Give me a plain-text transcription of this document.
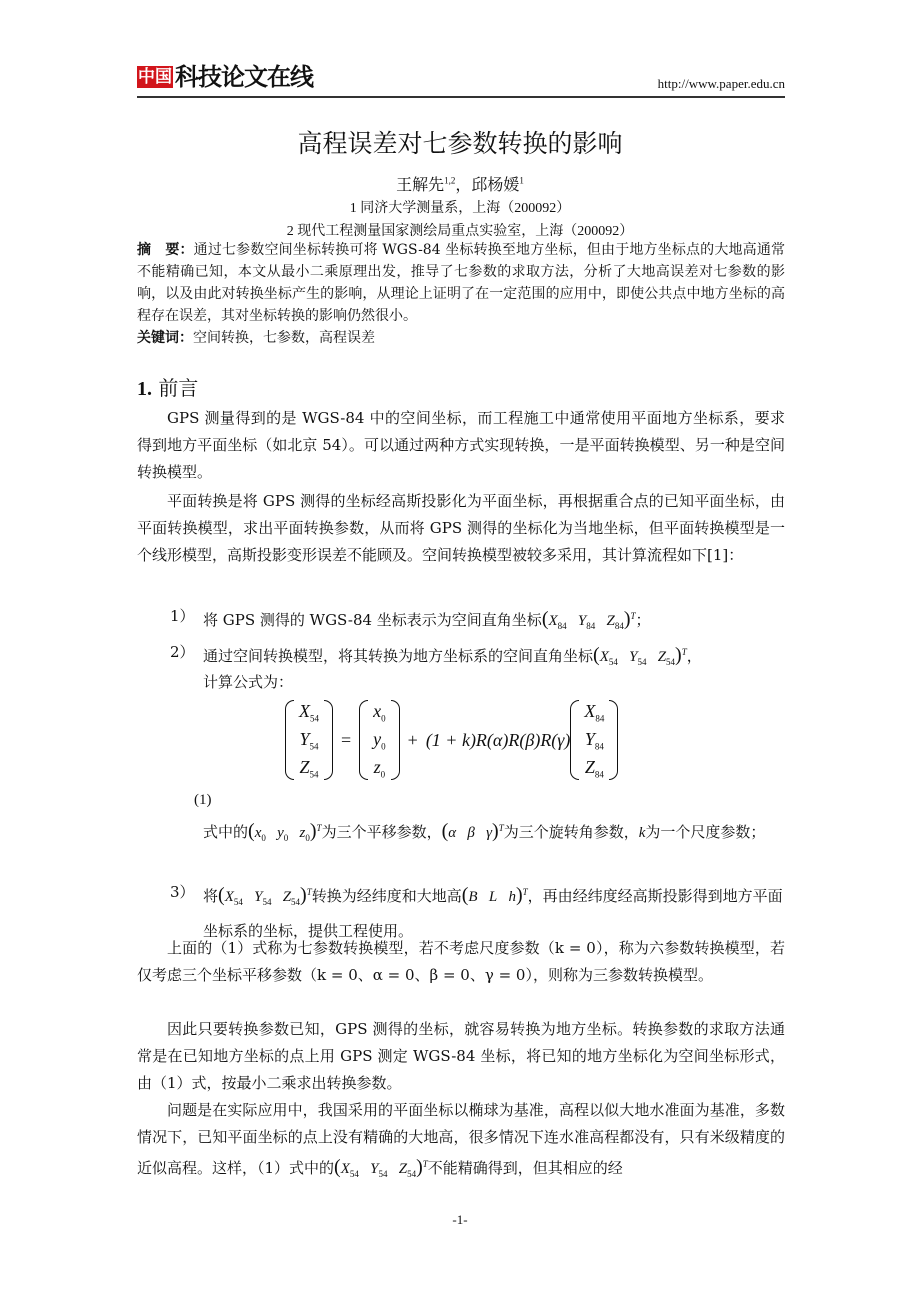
中国 科技论文在线	http://www.paper.edu.cn
高程误差对七参数转换的影响
王解先$^{1,2}$，邱杨媛$^1$
1 同济大学测量系，上海（200092）
2 现代工程测量国家测绘局重点实验室，上海（200092）
摘　要：通过七参数空间坐标转换可将 WGS-84 坐标转换至地方坐标，但由于地方坐标点的大地高通常不能精确已知，本文从最小二乘原理出发，推导了七参数的求取方法，分析了大地高误差对七参数的影响，以及由此对转换坐标产生的影响，从理论上证明了在一定范围的应用中，即使公共点中地方坐标的高程存在误差，其对坐标转换的影响仍然很小。
关键词：空间转换，七参数，高程误差
1. 前言
GPS 测量得到的是 WGS-84 中的空间坐标，而工程施工中通常使用平面地方坐标系，要求得到地方平面坐标（如北京 54）。可以通过两种方式实现转换，一是平面转换模型、另一种是空间转换模型。
平面转换是将 GPS 测得的坐标经高斯投影化为平面坐标，再根据重合点的已知平面坐标，由平面转换模型，求出平面转换参数，从而将 GPS 测得的坐标化为当地坐标，但平面转换模型是一个线形模型，高斯投影变形误差不能顾及。空间转换模型被较多采用，其计算流程如下[1]：
1） 将 GPS 测得的 WGS-84 坐标表示为空间直角坐标($X_{84}$ $Y_{84}$ $Z_{84})^T$；
2） 通过空间转换模型，将其转换为地方坐标系的空间直角坐标($X_{54}$ $Y_{54}$ $Z_{54})^T$，
计算公式为：
$X_{54}$
$Y_{54}$
$Z_{54}$
=
$x_0$
$y_0$
$z_0$
+ (1 + k)R(α)R(β)R(γ)
$X_{84}$
$Y_{84}$
$Z_{84}$
(1)
式中的($x_0$ $y_0$ $z_0)^T$为三个平移参数，(α β γ)$^T$为三个旋转角参数，k为一个尺度参数；
3） 将($X_{54}$ $Y_{54}$ $Z_{54})^T$转换为经纬度和大地高(B L h)$^T$，再由经纬度经高斯投影得到地方平面坐标系的坐标，提供工程使用。
上面的（1）式称为七参数转换模型，若不考虑尺度参数（k = 0），称为六参数转换模型，若仅考虑三个坐标平移参数（k = 0、α = 0、β = 0、γ = 0），则称为三参数转换模型。
因此只要转换参数已知，GPS 测得的坐标，就容易转换为地方坐标。转换参数的求取方法通常是在已知地方坐标的点上用 GPS 测定 WGS-84 坐标，将已知的地方坐标化为空间坐标形式，由（1）式，按最小二乘求出转换参数。
问题是在实际应用中，我国采用的平面坐标以椭球为基准，高程以似大地水准面为基准，多数情况下，已知平面坐标的点上没有精确的大地高，很多情况下连水准高程都没有，只有米级精度的近似高程。这样，（1）式中的($X_{54}$ $Y_{54}$ $Z_{54})^T$不能精确得到，但其相应的经
-1-
